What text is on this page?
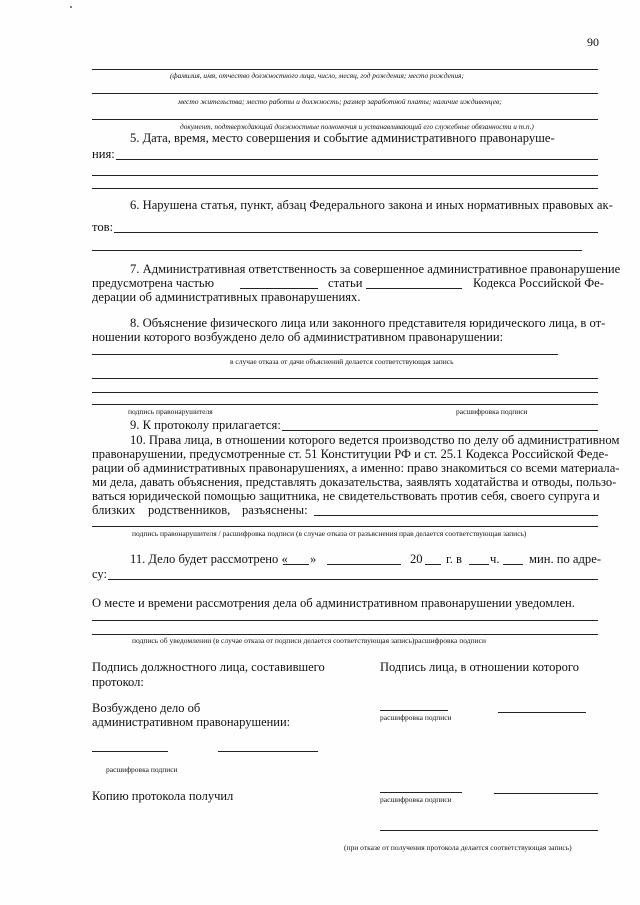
90
(фамилия, имя, отчество должностного лица, число, месяц, год рождения; место рождения;
место жительства; место работы и должность; размер заработной платы; наличие иждивенцев;
документ, подтверждающий должностные полномочия и устанавливающий его служебные обязанности и т.п.)
5. Дата, время, место совершения и событие административного правонаруше-
ния:
6. Нарушена статья, пункт, абзац Федерального закона и иных нормативных правовых ак-
тов:
7. Административная ответственность за совершенное административное правонарушение
предусмотрена частью	статьи	Кодекса Российской Фе-
дерации об административных правонарушениях.
8. Объяснение физического лица или законного представителя юридического лица, в от-
ношении которого возбуждено дело об административном правонарушении:
в случае отказа от дачи объяснений делается соответствующая запись
подпись правонарушителя	расшифровка подписи
9. К протоколу прилагается:
10. Права лица, в отношении которого ведется производство по делу об административном
правонарушении, предусмотренные ст. 51 Конституции РФ и ст. 25.1 Кодекса Российской Феде-
рации об административных правонарушениях, а именно: право знакомиться со всеми материала-
ми дела, давать объяснения, представлять доказательства, заявлять ходатайства и отводы, пользо-
ваться юридической помощью защитника, не свидетельствовать против себя, своего супруга и
близких родственников, разъяснены:
подпись правонарушителя / расшифровка подписи (в случае отказа от разъяснения прав делается соответствующая запись)
11. Дело будет рассмотрено « »	20 г. в ч. мин. по адре-
су:
О месте и времени рассмотрения дела об административном правонарушении уведомлен.
подпись об уведомлении (в случае отказа от подписи делается соответствующая запись)расшифровка подписи
Подпись должностного лица, составившего
протокол:
Подпись лица, в отношении которого
Возбуждено дело об
административном правонарушении:	расшифровка подписи
расшифровка подписи
Копию протокола получил	расшифровка подписи
(при отказе от получения протокола делается соответствующая запись)
